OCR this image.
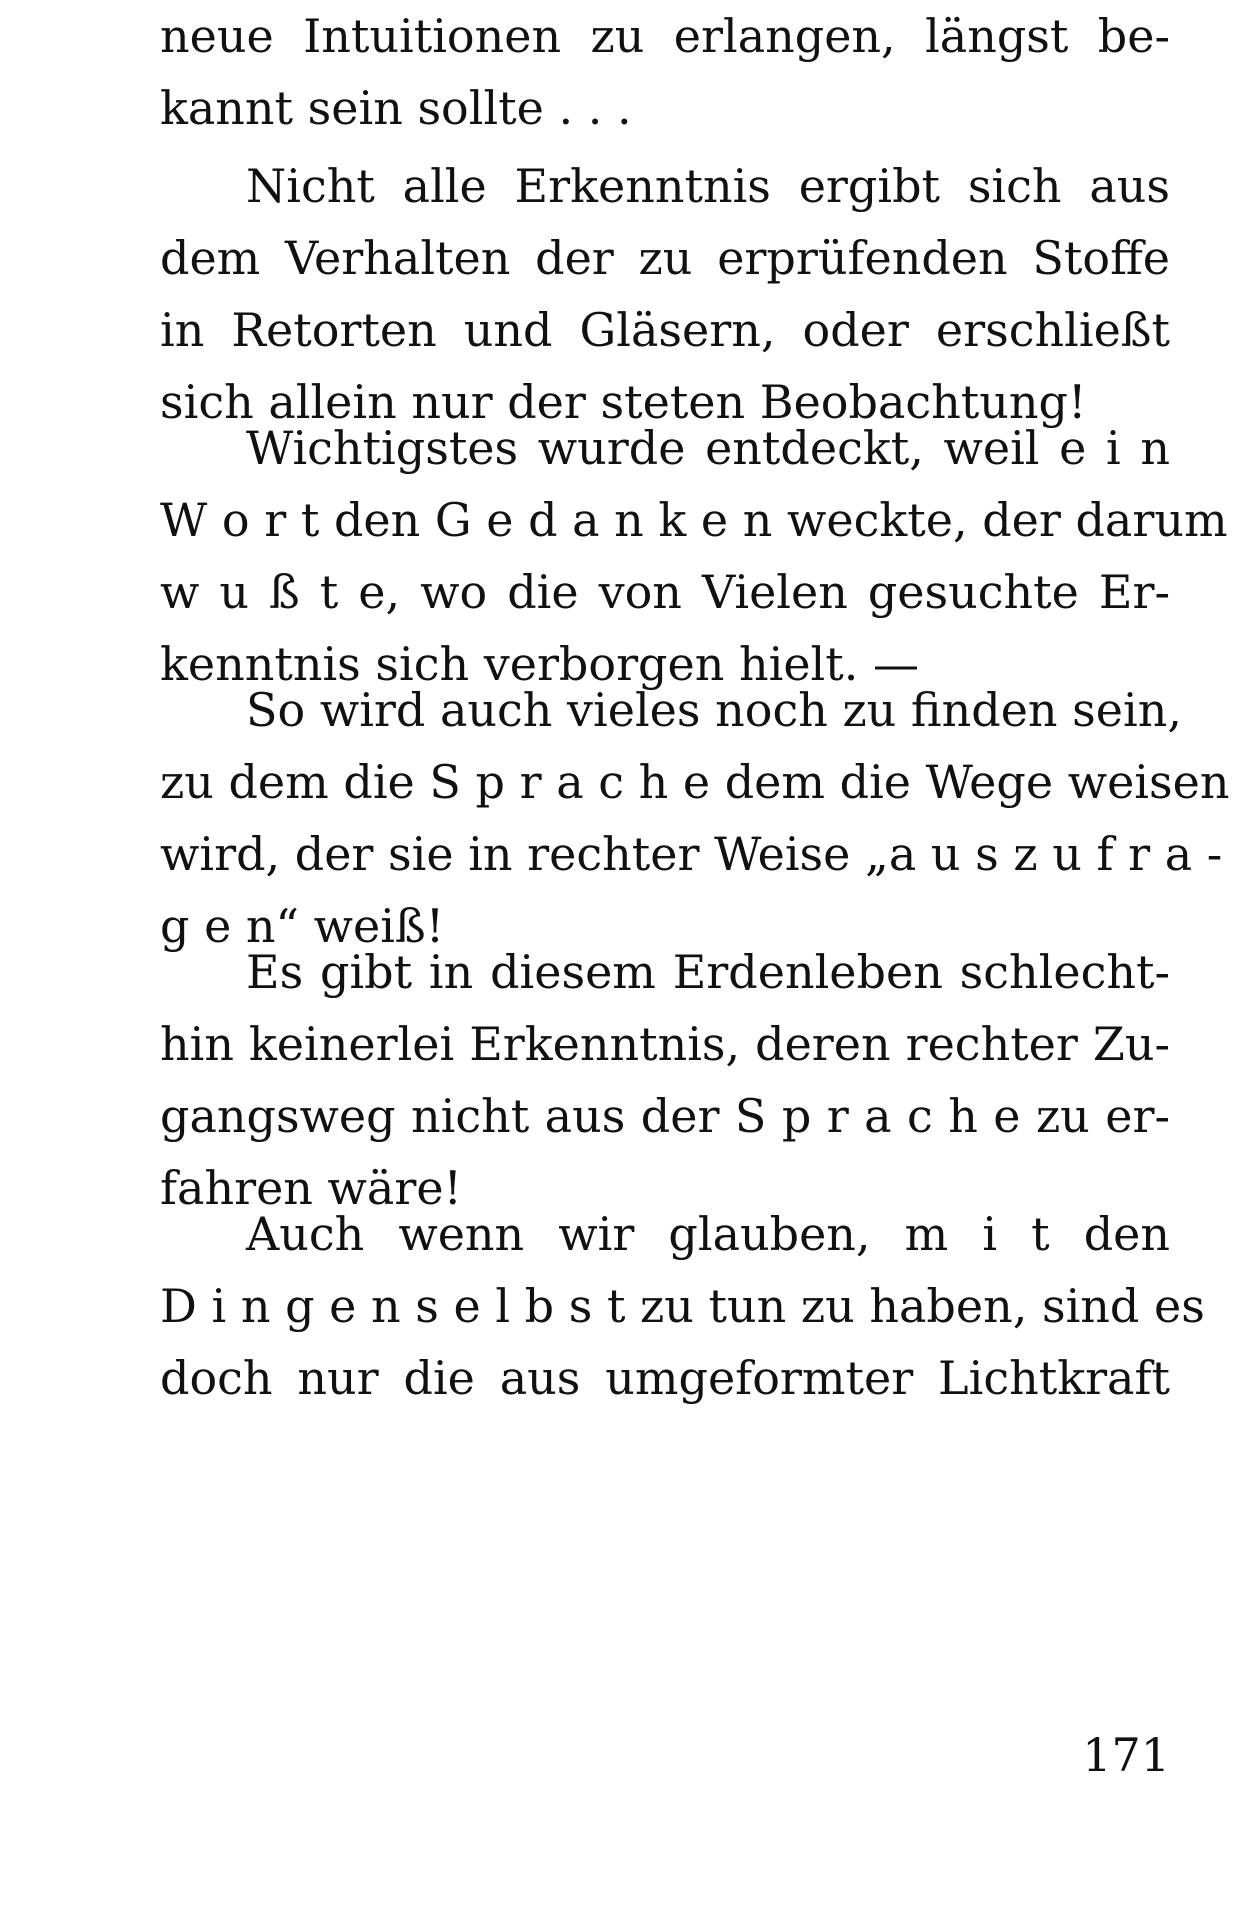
neue Intuitionen zu erlangen, längst be-
kannt sein sollte . . .
Nicht alle Erkenntnis ergibt sich aus
dem Verhalten der zu erprüfenden Stoffe
in Retorten und Gläsern, oder erschließt
sich allein nur der steten Beobachtung!
Wichtigstes wurde entdeckt, weil e i n
W o r t den G e d a n k e n weckte, der darum
w u ß t e, wo die von Vielen gesuchte Er-
kenntnis sich verborgen hielt. —
So wird auch vieles noch zu finden sein,
zu dem die S p r a c h e dem die Wege weisen
wird, der sie in rechter Weise „a u s z u f r a -
g e n“ weiß!
Es gibt in diesem Erdenleben schlecht-
hin keinerlei Erkenntnis, deren rechter Zu-
gangsweg nicht aus der S p r a c h e zu er-
fahren wäre!
Auch wenn wir glauben, m i t den
D i n g e n s e l b s t zu tun zu haben, sind es
doch nur die aus umgeformter Lichtkraft
171
